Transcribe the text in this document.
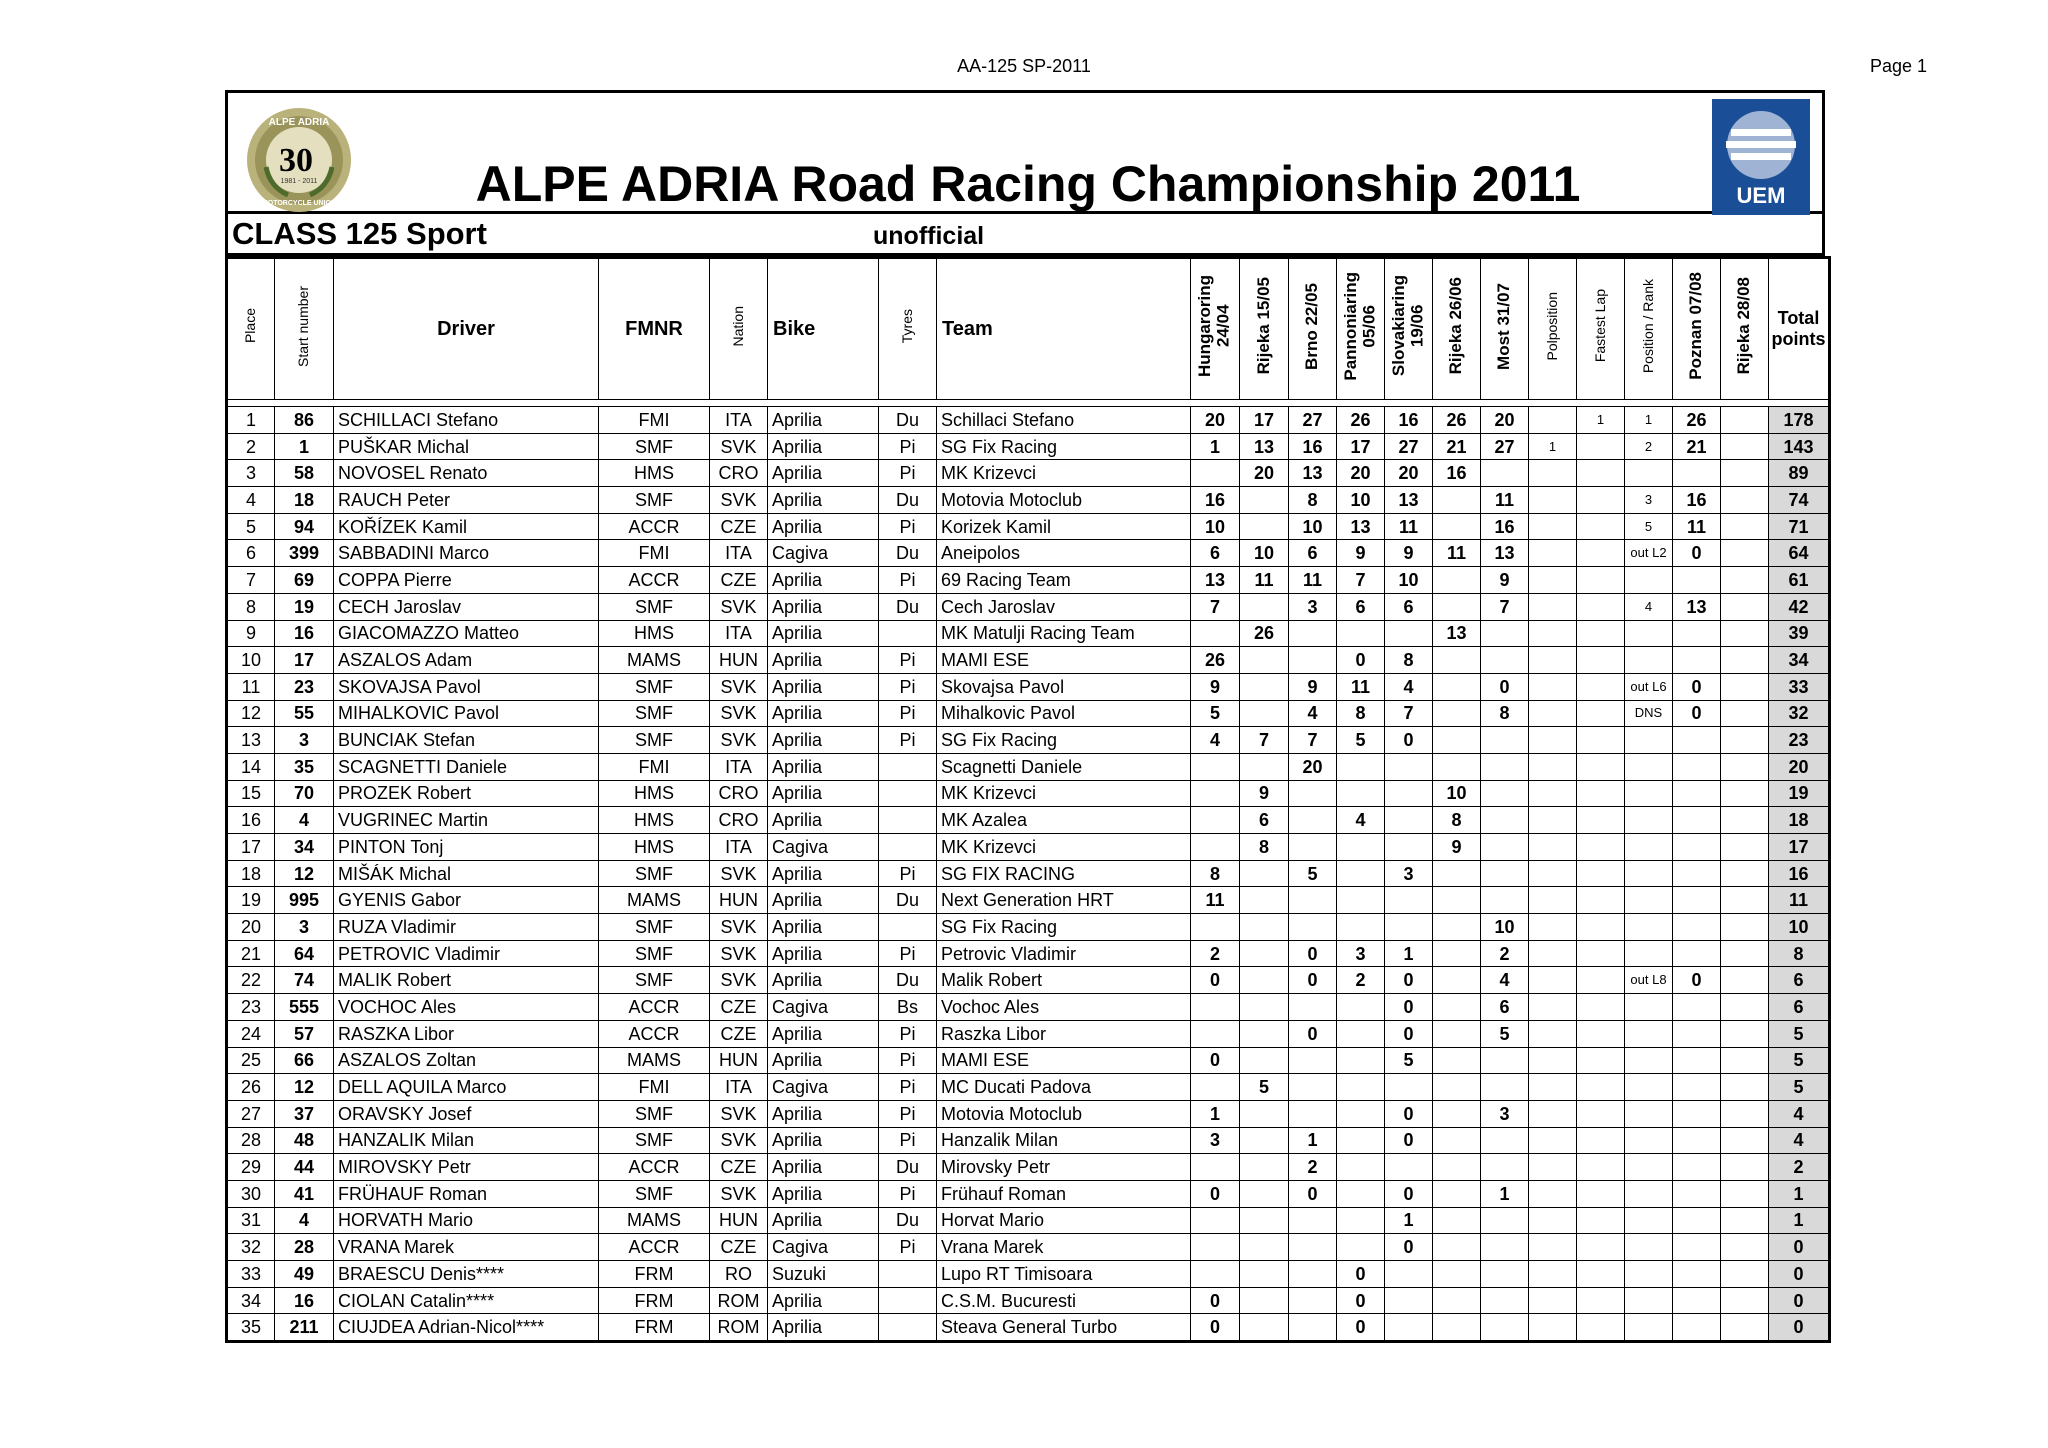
AA-125 SP-2011	Page 1
ALPE ADRIA
30
1981 - 2011
MOTORCYCLE UNION	ALPE ADRIA Road Racing Championship 2011	UEM
CLASS 125 Sport	unofficial
Place	Start number	Driver	FMNR	Nation	Bike	Tyres	Team	Hungaroring
24/04	Rijeka 15/05	Brno 22/05	Pannoniaring
05/06	Slovakiaring
19/06	Rijeka 26/06	Most 31/07	Polposition	Fastest Lap	Position / Rank	Poznan 07/08	Rijeka 28/08	Total
points

1	86	SCHILLACI Stefano	FMI	ITA	Aprilia	Du	Schillaci Stefano	20	17	27	26	16	26	20		1	1	26		178
2	1	PUŠKAR Michal	SMF	SVK	Aprilia	Pi	SG Fix Racing	1	13	16	17	27	21	27	1		2	21		143
3	58	NOVOSEL Renato	HMS	CRO	Aprilia	Pi	MK Krizevci		20	13	20	20	16							89
4	18	RAUCH Peter	SMF	SVK	Aprilia	Du	Motovia Motoclub	16		8	10	13		11			3	16		74
5	94	KOŘÍZEK Kamil	ACCR	CZE	Aprilia	Pi	Korizek Kamil	10		10	13	11		16			5	11		71
6	399	SABBADINI Marco	FMI	ITA	Cagiva	Du	Aneipolos	6	10	6	9	9	11	13			out L2	0		64
7	69	COPPA Pierre	ACCR	CZE	Aprilia	Pi	69 Racing Team	13	11	11	7	10		9						61
8	19	CECH Jaroslav	SMF	SVK	Aprilia	Du	Cech Jaroslav	7		3	6	6		7			4	13		42
9	16	GIACOMAZZO Matteo	HMS	ITA	Aprilia		MK Matulji Racing Team		26				13							39
10	17	ASZALOS Adam	MAMS	HUN	Aprilia	Pi	MAMI ESE	26			0	8								34
11	23	SKOVAJSA Pavol	SMF	SVK	Aprilia	Pi	Skovajsa Pavol	9		9	11	4		0			out L6	0		33
12	55	MIHALKOVIC Pavol	SMF	SVK	Aprilia	Pi	Mihalkovic Pavol	5		4	8	7		8			DNS	0		32
13	3	BUNCIAK Stefan	SMF	SVK	Aprilia	Pi	SG Fix Racing	4	7	7	5	0								23
14	35	SCAGNETTI Daniele	FMI	ITA	Aprilia		Scagnetti Daniele			20										20
15	70	PROZEK Robert	HMS	CRO	Aprilia		MK Krizevci		9				10							19
16	4	VUGRINEC Martin	HMS	CRO	Aprilia		MK Azalea		6		4		8							18
17	34	PINTON Tonj	HMS	ITA	Cagiva		MK Krizevci		8				9							17
18	12	MIŠÁK Michal	SMF	SVK	Aprilia	Pi	SG FIX RACING	8		5		3								16
19	995	GYENIS Gabor	MAMS	HUN	Aprilia	Du	Next Generation HRT	11												11
20	3	RUZA Vladimir	SMF	SVK	Aprilia		SG Fix Racing							10						10
21	64	PETROVIC Vladimir	SMF	SVK	Aprilia	Pi	Petrovic Vladimir	2		0	3	1		2						8
22	74	MALIK Robert	SMF	SVK	Aprilia	Du	Malik Robert	0		0	2	0		4			out L8	0		6
23	555	VOCHOC Ales	ACCR	CZE	Cagiva	Bs	Vochoc Ales					0		6						6
24	57	RASZKA Libor	ACCR	CZE	Aprilia	Pi	Raszka Libor			0		0		5						5
25	66	ASZALOS Zoltan	MAMS	HUN	Aprilia	Pi	MAMI ESE	0				5								5
26	12	DELL AQUILA Marco	FMI	ITA	Cagiva	Pi	MC Ducati Padova		5											5
27	37	ORAVSKY Josef	SMF	SVK	Aprilia	Pi	Motovia Motoclub	1				0		3						4
28	48	HANZALIK Milan	SMF	SVK	Aprilia	Pi	Hanzalik Milan	3		1		0								4
29	44	MIROVSKY Petr	ACCR	CZE	Aprilia	Du	Mirovsky Petr			2										2
30	41	FRÜHAUF Roman	SMF	SVK	Aprilia	Pi	Frühauf Roman	0		0		0		1						1
31	4	HORVATH Mario	MAMS	HUN	Aprilia	Du	Horvat Mario					1								1
32	28	VRANA Marek	ACCR	CZE	Cagiva	Pi	Vrana Marek					0								0
33	49	BRAESCU Denis****	FRM	RO	Suzuki		Lupo RT Timisoara				0									0
34	16	CIOLAN Catalin****	FRM	ROM	Aprilia		C.S.M. Bucuresti	0			0									0
35	211	CIUJDEA Adrian-Nicol****	FRM	ROM	Aprilia		Steava General Turbo	0			0									0
